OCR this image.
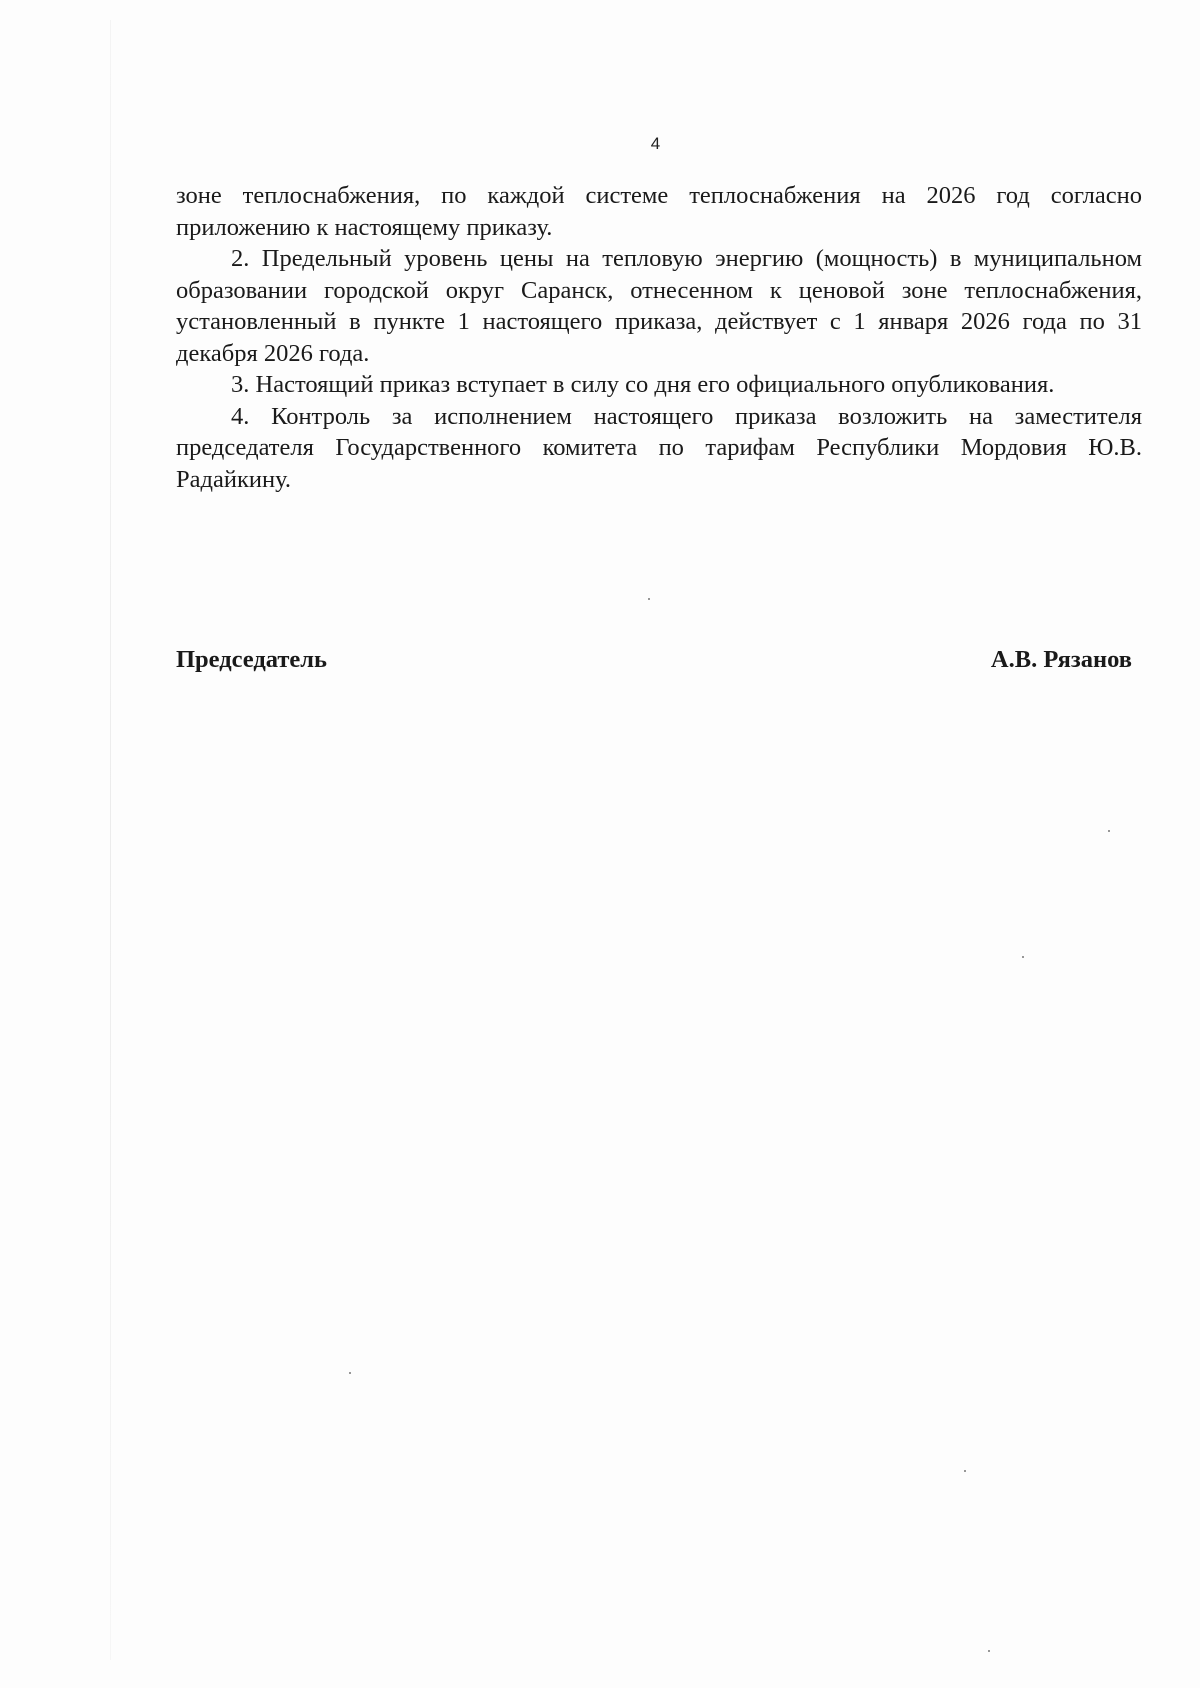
4

зоне теплоснабжения, по каждой системе теплоснабжения на 2026 год согласно приложению к настоящему приказу.

2. Предельный уровень цены на тепловую энергию (мощность) в муниципальном образовании городской округ Саранск, отнесенном к ценовой зоне теплоснабжения, установленный в пункте 1 настоящего приказа, действует с 1 января 2026 года по 31 декабря 2026 года.

3. Настоящий приказ вступает в силу со дня его официального опубликования.

4. Контроль за исполнением настоящего приказа возложить на заместителя председателя Государственного комитета по тарифам Республики Мордовия Ю.В. Радайкину.

Председатель	А.В. Рязанов
